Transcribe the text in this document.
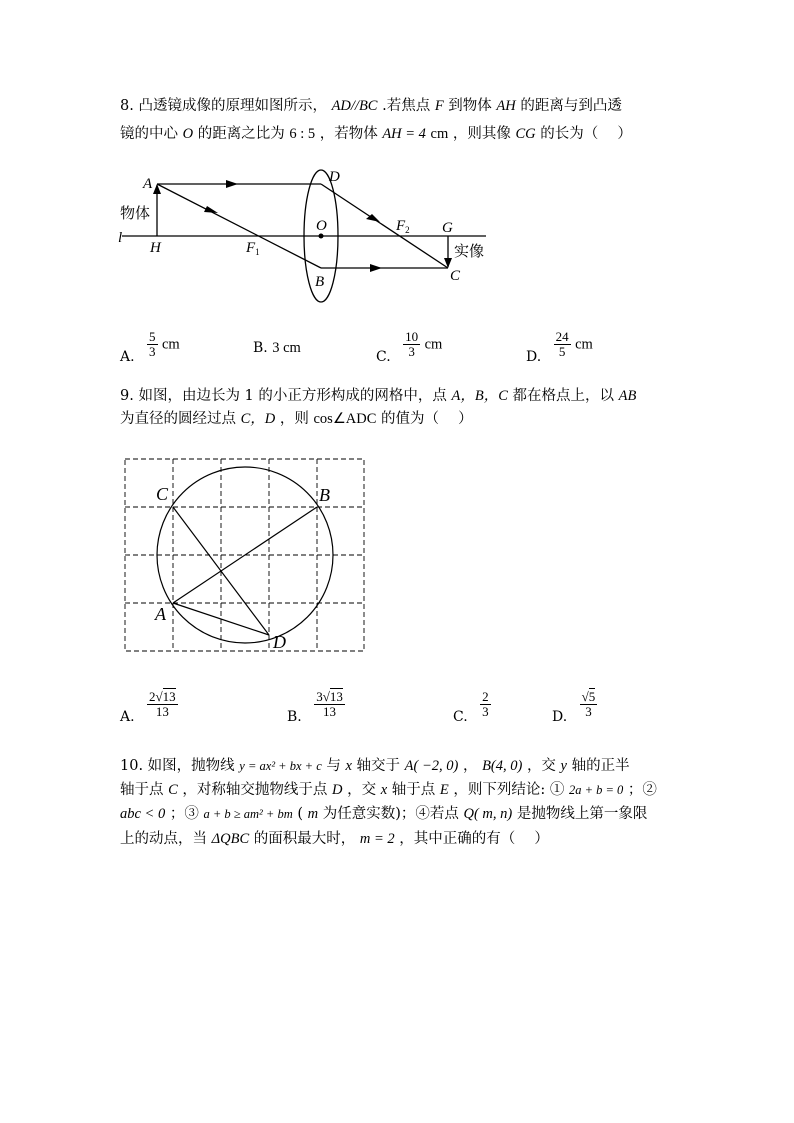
8. 凸透镜成像的原理如图所示， AD//BC .若焦点 F 到物体 AH 的距离与到凸透
镜的中心 O 的距离之比为 6 : 5 ，若物体 AH = 4 cm ，则其像 CG 的长为（　 ）
A	D
物体
l
O
H	$F_1$
$F_2$ G
实像
B	C
A. $\frac{5}{3}$ cm	B. 3 cm
C. $\frac{10}{3}$ cm
D. $\frac{24}{5}$ cm
9. 如图，由边长为 1 的小正方形构成的网格中，点 A，B，C 都在格点上，以 AB
为直径的圆经过点 C，D ，则 cos∠ADC 的值为（　 ）
C	B
A
D
A. $\frac{2√13}{13}$	B. $\frac{3√13}{13}$	C. $\frac{2}{3}$	D. $\frac{√5}{3}$
10. 如图，抛物线 y = ax² + bx + c 与 x 轴交于 A( −2, 0) ， B(4, 0) ，交 y 轴的正半
轴于点 C ，对称轴交抛物线于点 D ，交 x 轴于点 E ，则下列结论: ① 2a + b = 0 ；②
abc < 0 ；③ a + b ≥ am² + bm ( m 为任意实数)；④若点 Q( m, n) 是抛物线上第一象限
上的动点，当 ΔQBC 的面积最大时， m = 2 ，其中正确的有（　 ）
